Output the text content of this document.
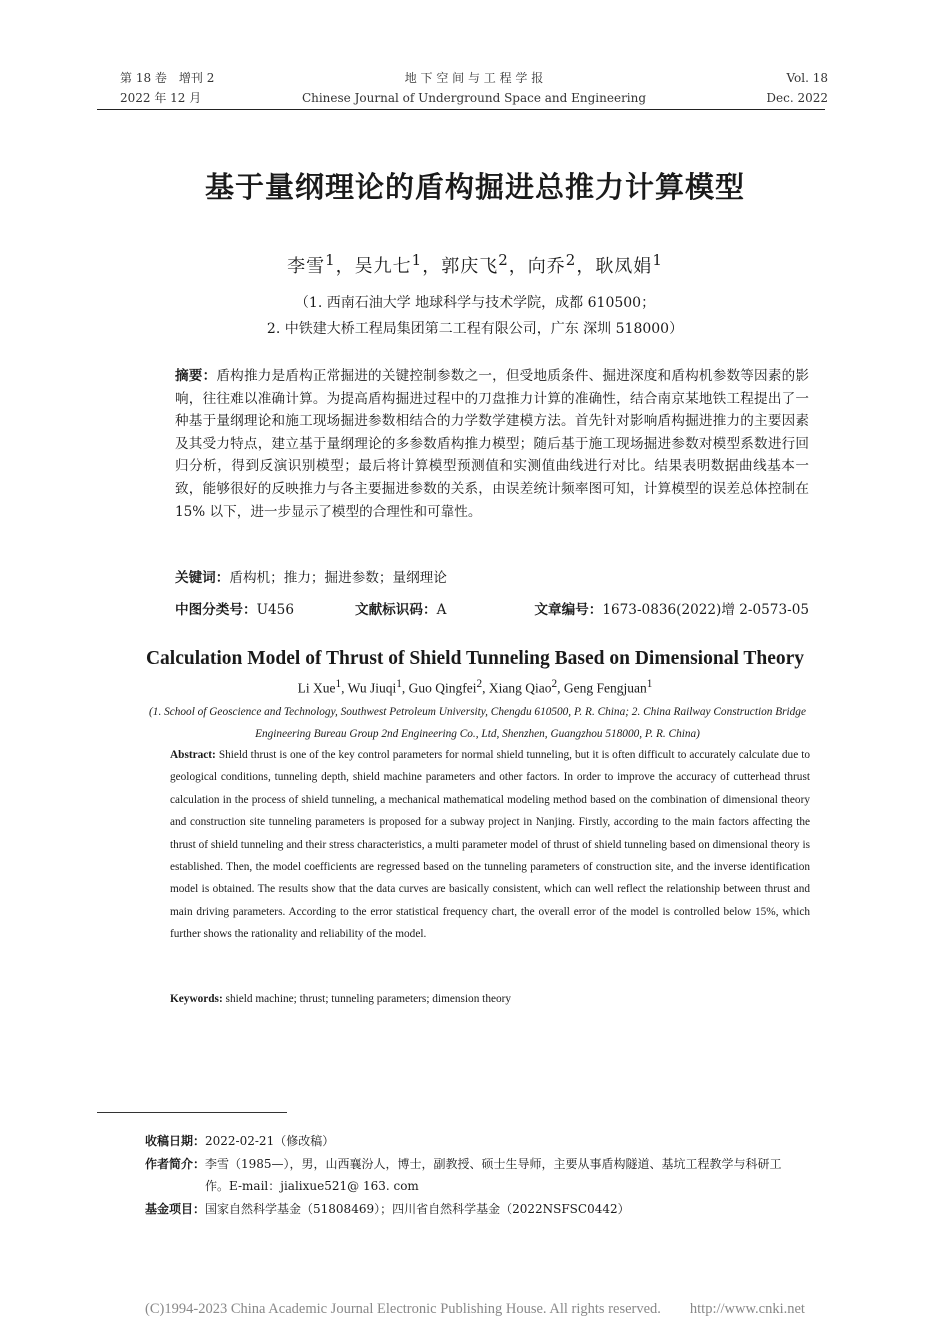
第 18 卷　增刊 2
2022 年 12 月
地 下 空 间 与 工 程 学 报
Chinese Journal of Underground Space and Engineering
Vol. 18
Dec. 2022
基于量纲理论的盾构掘进总推力计算模型
李雪$^1$，吴九七$^1$，郭庆飞$^2$，向乔$^2$，耿凤娟$^1$
（1. 西南石油大学 地球科学与技术学院，成都 610500；
2. 中铁建大桥工程局集团第二工程有限公司，广东 深圳 518000）
摘要：盾构推力是盾构正常掘进的关键控制参数之一，但受地质条件、掘进深度和盾构机参数等因素的影响，往往难以准确计算。为提高盾构掘进过程中的刀盘推力计算的准确性，结合南京某地铁工程提出了一种基于量纲理论和施工现场掘进参数相结合的力学数学建模方法。首先针对影响盾构掘进推力的主要因素及其受力特点，建立基于量纲理论的多参数盾构推力模型；随后基于施工现场掘进参数对模型系数进行回归分析，得到反演识别模型；最后将计算模型预测值和实测值曲线进行对比。结果表明数据曲线基本一致，能够很好的反映推力与各主要掘进参数的关系，由误差统计频率图可知，计算模型的误差总体控制在 15% 以下，进一步显示了模型的合理性和可靠性。
关键词：盾构机；推力；掘进参数；量纲理论
中图分类号：U456	文献标识码：A	文章编号：1673-0836(2022)增 2-0573-05
Calculation Model of Thrust of Shield Tunneling Based on Dimensional Theory
Li Xue$^1$, Wu Jiuqi$^1$, Guo Qingfei$^2$, Xiang Qiao$^2$, Geng Fengjuan$^1$
(1. School of Geoscience and Technology, Southwest Petroleum University, Chengdu 610500, P. R. China; 2. China Railway Construction Bridge Engineering Bureau Group 2nd Engineering Co., Ltd, Shenzhen, Guangzhou 518000, P. R. China)
Abstract: Shield thrust is one of the key control parameters for normal shield tunneling, but it is often difficult to accurately calculate due to geological conditions, tunneling depth, shield machine parameters and other factors. In order to improve the accuracy of cutterhead thrust calculation in the process of shield tunneling, a mechanical mathematical modeling method based on the combination of dimensional theory and construction site tunneling parameters is proposed for a subway project in Nanjing. Firstly, according to the main factors affecting the thrust of shield tunneling and their stress characteristics, a multi parameter model of thrust of shield tunneling based on dimensional theory is established. Then, the model coefficients are regressed based on the tunneling parameters of construction site, and the inverse identification model is obtained. The results show that the data curves are basically consistent, which can well reflect the relationship between thrust and main driving parameters. According to the error statistical frequency chart, the overall error of the model is controlled below 15%, which further shows the rationality and reliability of the model.
Keywords: shield machine; thrust; tunneling parameters; dimension theory
收稿日期：2022-02-21（修改稿）
作者简介：李雪（1985—），男，山西襄汾人，博士，副教授、硕士生导师，主要从事盾构隧道、基坑工程教学与科研工
作。E-mail：jialixue521@ 163. com
基金项目：国家自然科学基金（51808469）；四川省自然科学基金（2022NSFSC0442）
(C)1994-2023 China Academic Journal Electronic Publishing House. All rights reserved.　　http://www.cnki.net
